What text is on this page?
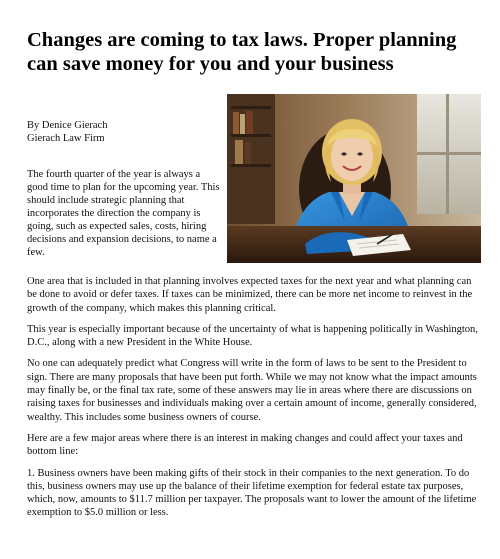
Changes are coming to tax laws. Proper planning can save money for you and your business
By Denice Gierach
Gierach Law Firm

The fourth quarter of the year is always a good time to plan for the upcoming year. This should include strategic planning that incorporates the direction the company is going, such as expected sales, costs, hiring decisions and expansion decisions, to name a few.

One area that is included in that planning involves expected taxes for the next year and what planning can be done to avoid or defer taxes. If taxes can be minimized, there can be more net income to reinvest in the growth of the company, which makes this planning critical.

This year is especially important because of the uncertainty of what is happening politically in Washington, D.C., along with a new President in the White House.

No one can adequately predict what Congress will write in the form of laws to be sent to the President to sign. There are many proposals that have been put forth. While we may not know what the impact amounts may finally be, or the final tax rate, some of these answers may lie in areas where there are discussions on raising taxes for businesses and individuals making over a certain amount of income, generally considered, wealthy. This includes some business owners of course.

Here are a few major areas where there is an interest in making changes and could affect your taxes and bottom line:

1. Business owners have been making gifts of their stock in their companies to the next generation. To do this, business owners may use up the balance of their lifetime exemption for federal estate tax purposes, which, now, amounts to $11.7 million per taxpayer. The proposals want to lower the amount of the lifetime exemption to $5.0 million or less.
